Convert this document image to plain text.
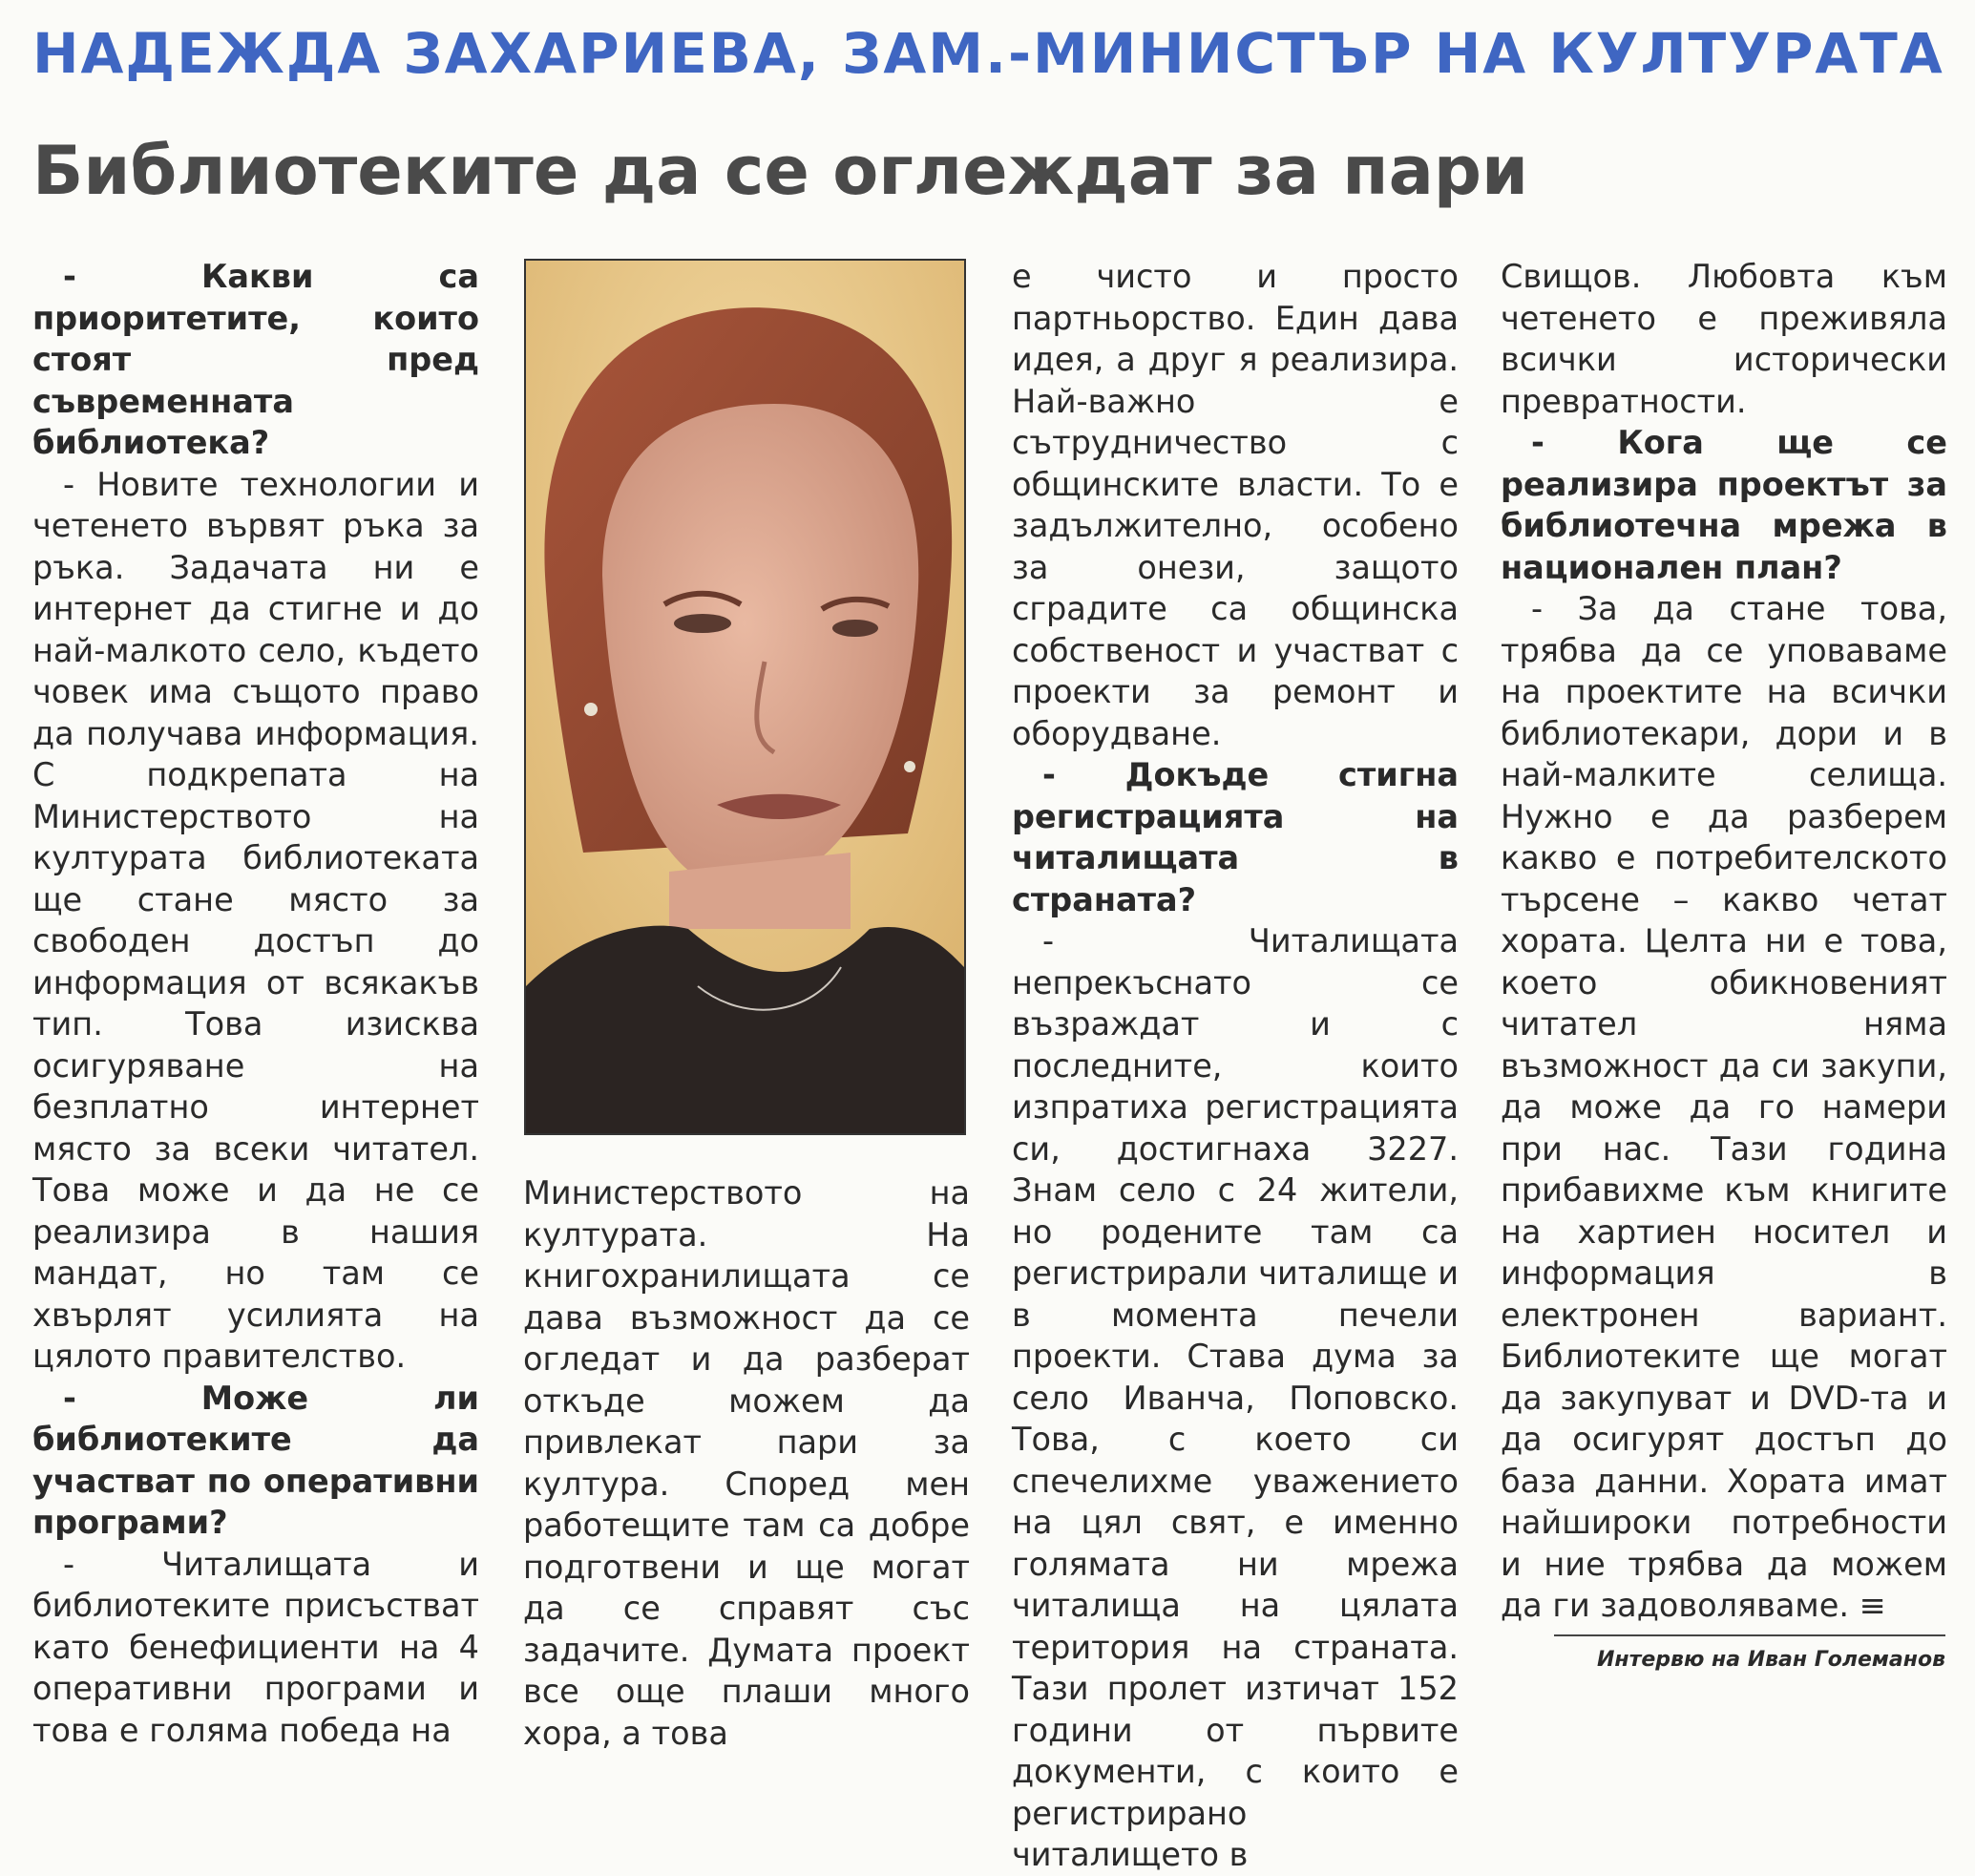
НАДЕЖДА ЗАХАРИЕВА, ЗАМ.-МИНИСТЪР НА КУЛТУРАТА
Библиотеките да се оглеждат за пари

- Какви са приоритетите, които стоят пред съвременната библиотека?

- Новите технологии и четенето вървят ръка за ръка. Задачата ни е интернет да стигне и до най-малкото село, където човек има същото право да получава информация. С подкрепата на Министерството на културата библиотеката ще стане място за свободен достъп до информация от всякакъв тип. Това изисква осигуряване на безплатно интернет място за всеки читател. Това може и да не се реализира в нашия мандат, но там се хвърлят усилията на цялото правителство.

- Може ли библиотеките да участват по оперативни програми?

- Читалищата и библиотеките присъстват като бенефициенти на 4 оперативни програми и това е голяма победа на

Министерството на културата. На книгохранилищата се дава възможност да се огледат и да разберат откъде можем да привлекат пари за култура. Според мен работещите там са добре подготвени и ще могат да се справят със задачите. Думата проект все още плаши много хора, а това

е чисто и просто партньорство. Един дава идея, а друг я реализира. Най-важно е сътрудничество с общинските власти. То е задължително, особено за онези, защото сградите са общинска собственост и участват с проекти за ремонт и оборудване.

- Докъде стигна регистрацията на читалищата в страната?

- Читалищата непрекъснато се възраждат и с последните, които изпратиха регистрацията си, достигнаха 3227. Знам село с 24 жители, но родените там са регистрирали читалище и в момента печели проекти. Става дума за село Иванча, Поповско. Това, с което си спечелихме уважението на цял свят, е именно голямата ни мрежа читалища на цялата територия на страната. Тази пролет изтичат 152 години от първите документи, с които е регистрирано читалището в

Свищов. Любовта към четенето е преживяла всички исторически превратности.

- Кога ще се реализира проектът за библиотечна мрежа в национален план?

- За да стане това, трябва да се уповаваме на проектите на всички библиотекари, дори и в най-малките селища. Нужно е да разберем какво е потребителското търсене – какво четат хората. Целта ни е това, което обикновеният читател няма възможност да си закупи, да може да го намери при нас. Тази година прибавихме към книгите на хартиен носител и информация в електронен вариант. Библиотеките ще могат да закупуват и DVD-та и да осигурят достъп до база данни. Хората имат найшироки потребности и ние трябва да можем да ги задоволяваме. ≡

Интервю на Иван Големанов
